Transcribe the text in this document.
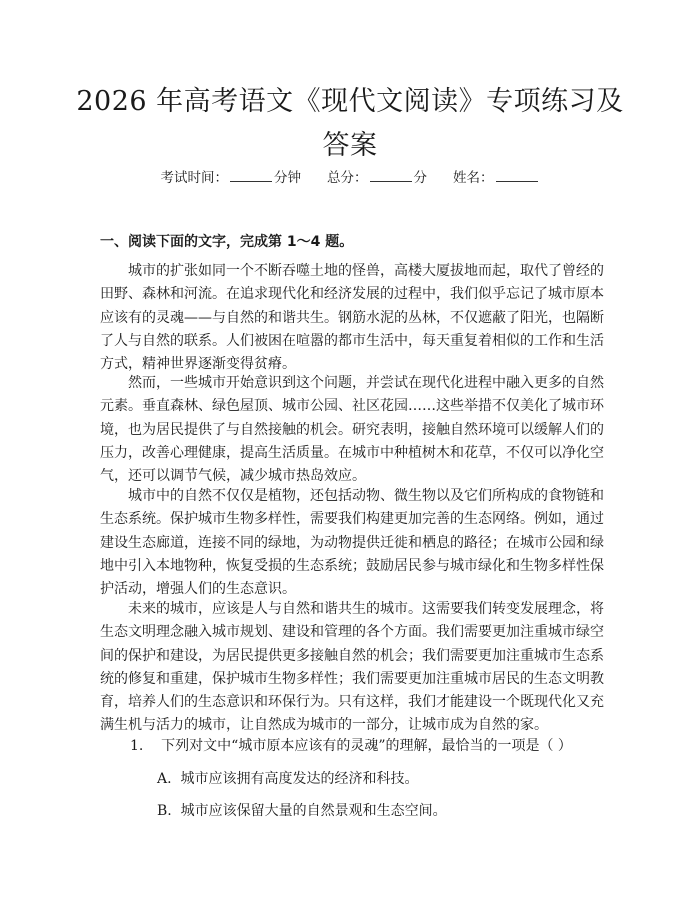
2026 年高考语文《现代文阅读》专项练习及
答案
考试时间：	分钟 总分：	分 姓名：
一、阅读下面的文字，完成第 1～4 题。
　　城市的扩张如同一个不断吞噬土地的怪兽，高楼大厦拔地而起，取代了曾经的
田野、森林和河流。在追求现代化和经济发展的过程中，我们似乎忘记了城市原本
应该有的灵魂——与自然的和谐共生。钢筋水泥的丛林，不仅遮蔽了阳光，也隔断
了人与自然的联系。人们被困在喧嚣的都市生活中，每天重复着相似的工作和生活
方式，精神世界逐渐变得贫瘠。
　　然而，一些城市开始意识到这个问题，并尝试在现代化进程中融入更多的自然
元素。垂直森林、绿色屋顶、城市公园、社区花园……这些举措不仅美化了城市环
境，也为居民提供了与自然接触的机会。研究表明，接触自然环境可以缓解人们的
压力，改善心理健康，提高生活质量。在城市中种植树木和花草，不仅可以净化空
气，还可以调节气候，减少城市热岛效应。
　　城市中的自然不仅仅是植物，还包括动物、微生物以及它们所构成的食物链和
生态系统。保护城市生物多样性，需要我们构建更加完善的生态网络。例如，通过
建设生态廊道，连接不同的绿地，为动物提供迁徙和栖息的路径；在城市公园和绿
地中引入本地物种，恢复受损的生态系统；鼓励居民参与城市绿化和生物多样性保
护活动，增强人们的生态意识。
　　未来的城市，应该是人与自然和谐共生的城市。这需要我们转变发展理念，将
生态文明理念融入城市规划、建设和管理的各个方面。我们需要更加注重城市绿空
间的保护和建设，为居民提供更多接触自然的机会；我们需要更加注重城市生态系
统的修复和重建，保护城市生物多样性；我们需要更加注重城市居民的生态文明教
育，培养人们的生态意识和环保行为。只有这样，我们才能建设一个既现代化又充
满生机与活力的城市，让自然成为城市的一部分，让城市成为自然的家。
1. 下列对文中“城市原本应该有的灵魂”的理解，最恰当的一项是（ ）
A. 城市应该拥有高度发达的经济和科技。
B. 城市应该保留大量的自然景观和生态空间。
